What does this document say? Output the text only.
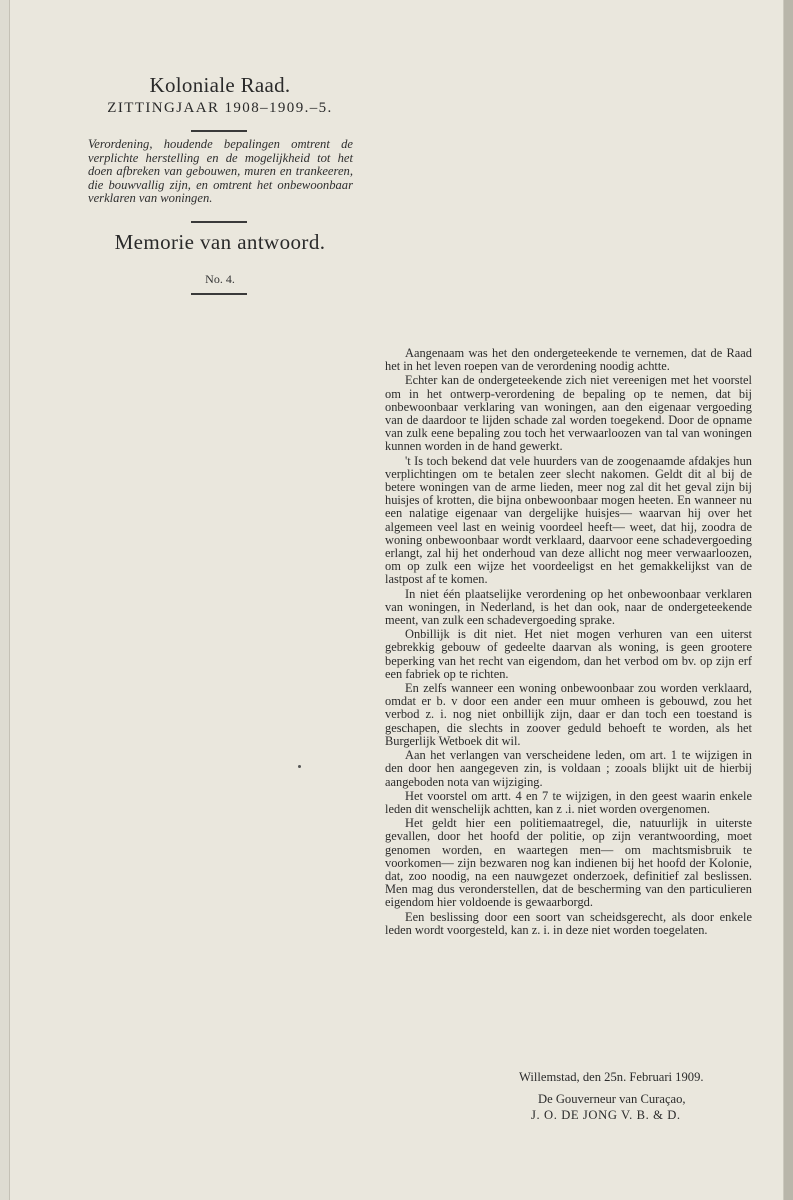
Koloniale Raad.
ZITTINGJAAR 1908–1909.–5.
Verordening, houdende bepalingen omtrent de verplichte herstelling en de mogelijkheid tot het doen afbreken van gebouwen, muren en trankeeren, die bouwvallig zijn, en omtrent het onbewoonbaar verklaren van woningen.
Memorie van antwoord.
No. 4.

Aangenaam was het den ondergeteekende te vernemen, dat de Raad het in het leven roepen van de verordening noodig achtte.

Echter kan de ondergeteekende zich niet vereenigen met het voorstel om in het ontwerp-verordening de bepaling op te nemen, dat bij onbewoonbaar verklaring van woningen, aan den eigenaar vergoeding van de daardoor te lijden schade zal worden toegekend. Door de opname van zulk eene bepaling zou toch het verwaarloozen van tal van woningen kunnen worden in de hand gewerkt.

't Is toch bekend dat vele huurders van de zoogenaamde afdakjes hun verplichtingen om te betalen zeer slecht nakomen. Geldt dit al bij de betere woningen van de arme lieden, meer nog zal dit het geval zijn bij huisjes of krotten, die bijna onbewoonbaar mogen heeten. En wanneer nu een nalatige eigenaar van dergelijke huisjes— waarvan hij over het algemeen veel last en weinig voordeel heeft— weet, dat hij, zoodra de woning onbewoonbaar wordt verklaard, daarvoor eene schadevergoeding erlangt, zal hij het onderhoud van deze allicht nog meer verwaarloozen, om op zulk een wijze het voordeeligst en het gemakkelijkst van de lastpost af te komen.

In niet één plaatselijke verordening op het onbewoonbaar verklaren van woningen, in Nederland, is het dan ook, naar de ondergeteekende meent, van zulk een schadevergoeding sprake.

Onbillijk is dit niet. Het niet mogen verhuren van een uiterst gebrekkig gebouw of gedeelte daarvan als woning, is geen grootere beperking van het recht van eigendom, dan het verbod om bv. op zijn erf een fabriek op te richten.

En zelfs wanneer een woning onbewoonbaar zou worden verklaard, omdat er b. v door een ander een muur omheen is gebouwd, zou het verbod z. i. nog niet onbillijk zijn, daar er dan toch een toestand is geschapen, die slechts in zoover geduld behoeft te worden, als het Burgerlijk Wetboek dit wil.

Aan het verlangen van verscheidene leden, om art. 1 te wijzigen in den door hen aangegeven zin, is voldaan ; zooals blijkt uit de hierbij aangeboden nota van wijziging.

Het voorstel om artt. 4 en 7 te wijzigen, in den geest waarin enkele leden dit wenschelijk achtten, kan z .i. niet worden overgenomen.

Het geldt hier een politiemaatregel, die, natuurlijk in uiterste gevallen, door het hoofd der politie, op zijn verantwoording, moet genomen worden, en waartegen men— om machtsmisbruik te voorkomen— zijn bezwaren nog kan indienen bij het hoofd der Kolonie, dat, zoo noodig, na een nauwgezet onderzoek, definitief zal beslissen. Men mag dus veronderstellen, dat de bescherming van den particulieren eigendom hier voldoende is gewaarborgd.

Een beslissing door een soort van scheidsgerecht, als door enkele leden wordt voorgesteld, kan z. i. in deze niet worden toegelaten.

Willemstad, den 25n. Februari 1909.
De Gouverneur van Curaçao,
J. O. DE JONG V. B. & D.
